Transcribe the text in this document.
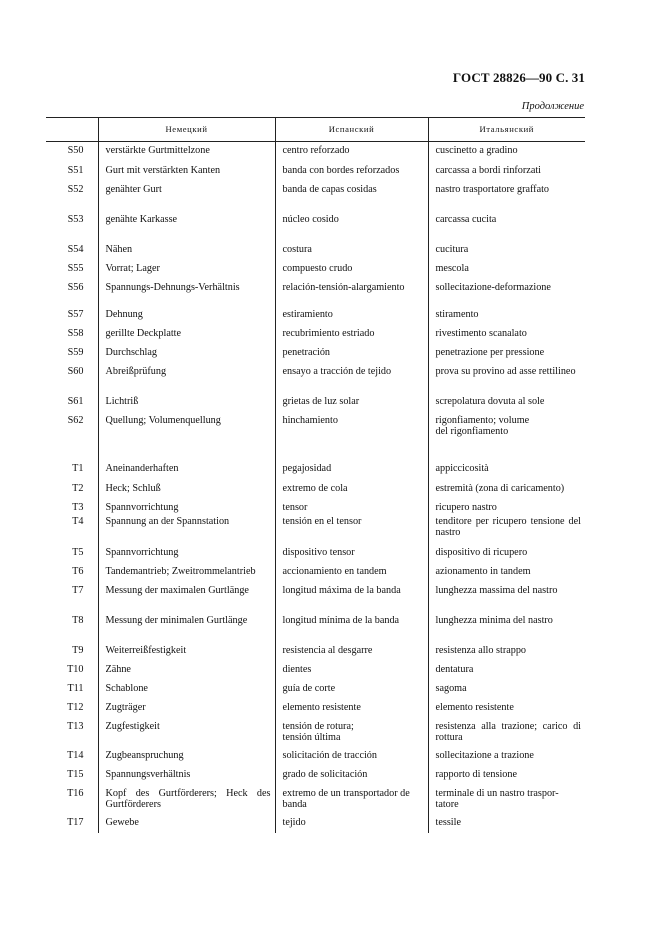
ГОСТ 28826—90 С. 31
Продолжение
	Немецкий	Испанский	Итальянский
S50	verstärkte Gurtmittelzone	centro reforzado	cuscinetto a gradino
S51	Gurt mit verstärkten Kanten	banda con bordes reforzados	carcassa a bordi rinforzati
S52	genähter Gurt	banda de capas cosidas	nastro trasportatore graffato
S53	genähte Karkasse	núcleo cosido	carcassa cucita
S54	Nähen	costura	cucitura
S55	Vorrat; Lager	compuesto crudo	mescola
S56	Spannungs-Dehnungs-Verhältnis	relación-tensión-alargamiento	sollecitazione-deformazione
S57	Dehnung	estiramiento	stiramento
S58	gerillte Deckplatte	recubrimiento estriado	rivestimento scanalato
S59	Durchschlag	penetración	penetrazione per pressione
S60	Abreißprüfung	ensayo a tracción de tejido	prova su provino ad asse rettilineo
S61	Lichtriß	grietas de luz solar	screpolatura dovuta al sole
S62	Quellung; Volumenquellung	hinchamiento	rigonfiamento; volume
del rigonfiamento
T1	Aneinanderhaften	pegajosidad	appiccicosità
T2	Heck; Schluß	extremo de cola	estremità (zona di caricamento)
T3	Spannvorrichtung	tensor	ricupero nastro
T4	Spannung an der Spannstation	tensión en el tensor	tenditore per ricupero tensione del nastro
T5	Spannvorrichtung	dispositivo tensor	dispositivo di ricupero
T6	Tandemantrieb; Zweitrommelantrieb	accionamiento en tandem	azionamento in tandem
T7	Messung der maximalen Gurtlänge	longitud máxima de la banda	lunghezza massima del nastro
T8	Messung der minimalen Gurtlänge	longitud mínima de la banda	lunghezza minima del nastro
T9	Weiterreißfestigkeit	resistencia al desgarre	resistenza allo strappo
T10	Zähne	dientes	dentatura
T11	Schablone	guía de corte	sagoma
T12	Zugträger	elemento resistente	elemento resistente
T13	Zugfestigkeit	tensión de rotura;
tensión última	resistenza alla trazione; carico di rottura
T14	Zugbeanspruchung	solicitación de tracción	sollecitazione a trazione
T15	Spannungsverhältnis	grado de solicitación	rapporto di tensione
T16	Kopf des Gurtförderers; Heck des Gurtförderers	extremo de un transportador de banda	terminale di un nastro traspor-
tatore
T17	Gewebe	tejido	tessile
